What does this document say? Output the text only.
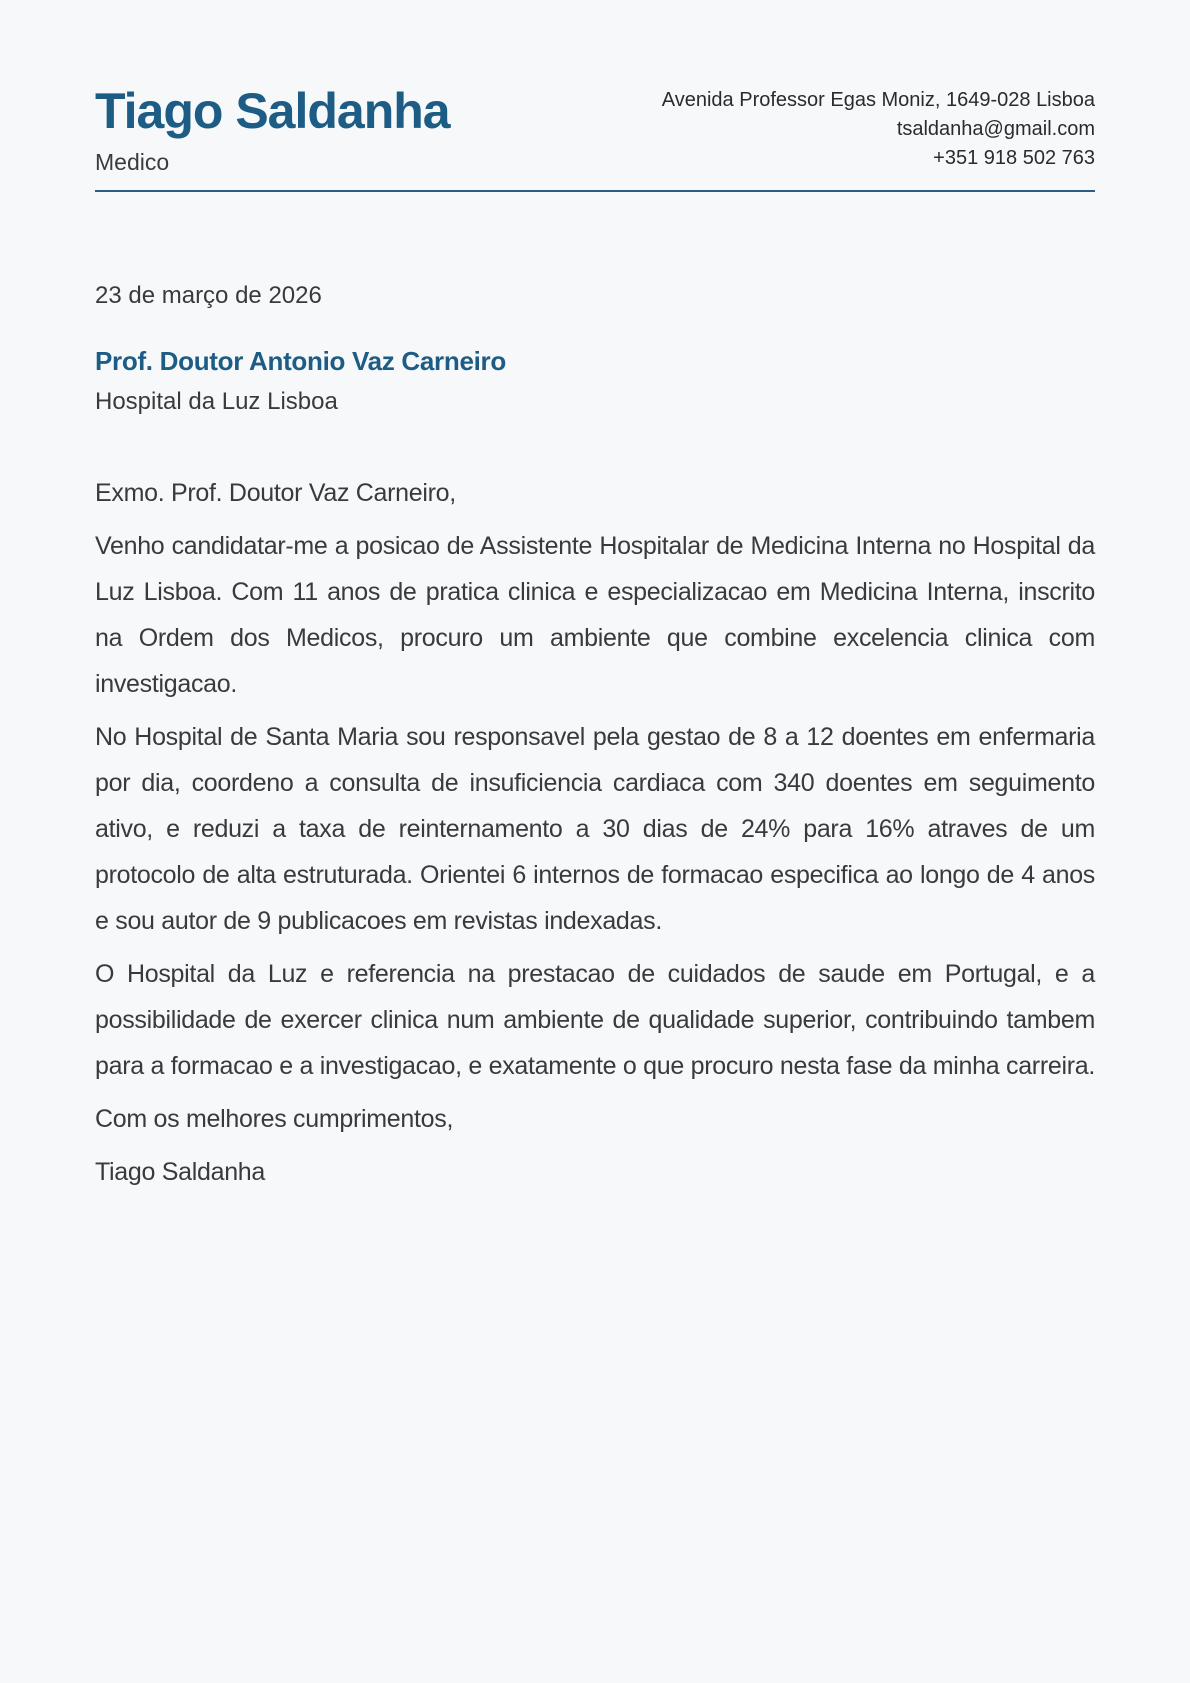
Tiago Saldanha
Medico
Avenida Professor Egas Moniz, 1649-028 Lisboa
tsaldanha@gmail.com
+351 918 502 763
23 de março de 2026
Prof. Doutor Antonio Vaz Carneiro
Hospital da Luz Lisboa

Exmo. Prof. Doutor Vaz Carneiro,

Venho candidatar-me a posicao de Assistente Hospitalar de Medicina Interna no Hospital da Luz Lisboa. Com 11 anos de pratica clinica e especializacao em Medicina Interna, inscrito na Ordem dos Medicos, procuro um ambiente que combine excelencia clinica com investigacao.

No Hospital de Santa Maria sou responsavel pela gestao de 8 a 12 doentes em enfermaria por dia, coordeno a consulta de insuficiencia cardiaca com 340 doentes em seguimento ativo, e reduzi a taxa de reinternamento a 30 dias de 24% para 16% atraves de um protocolo de alta estruturada. Orientei 6 internos de formacao especifica ao longo de 4 anos e sou autor de 9 publicacoes em revistas indexadas.

O Hospital da Luz e referencia na prestacao de cuidados de saude em Portugal, e a possibilidade de exercer clinica num ambiente de qualidade superior, contribuindo tambem para a formacao e a investigacao, e exatamente o que procuro nesta fase da minha carreira.

Com os melhores cumprimentos,

Tiago Saldanha
